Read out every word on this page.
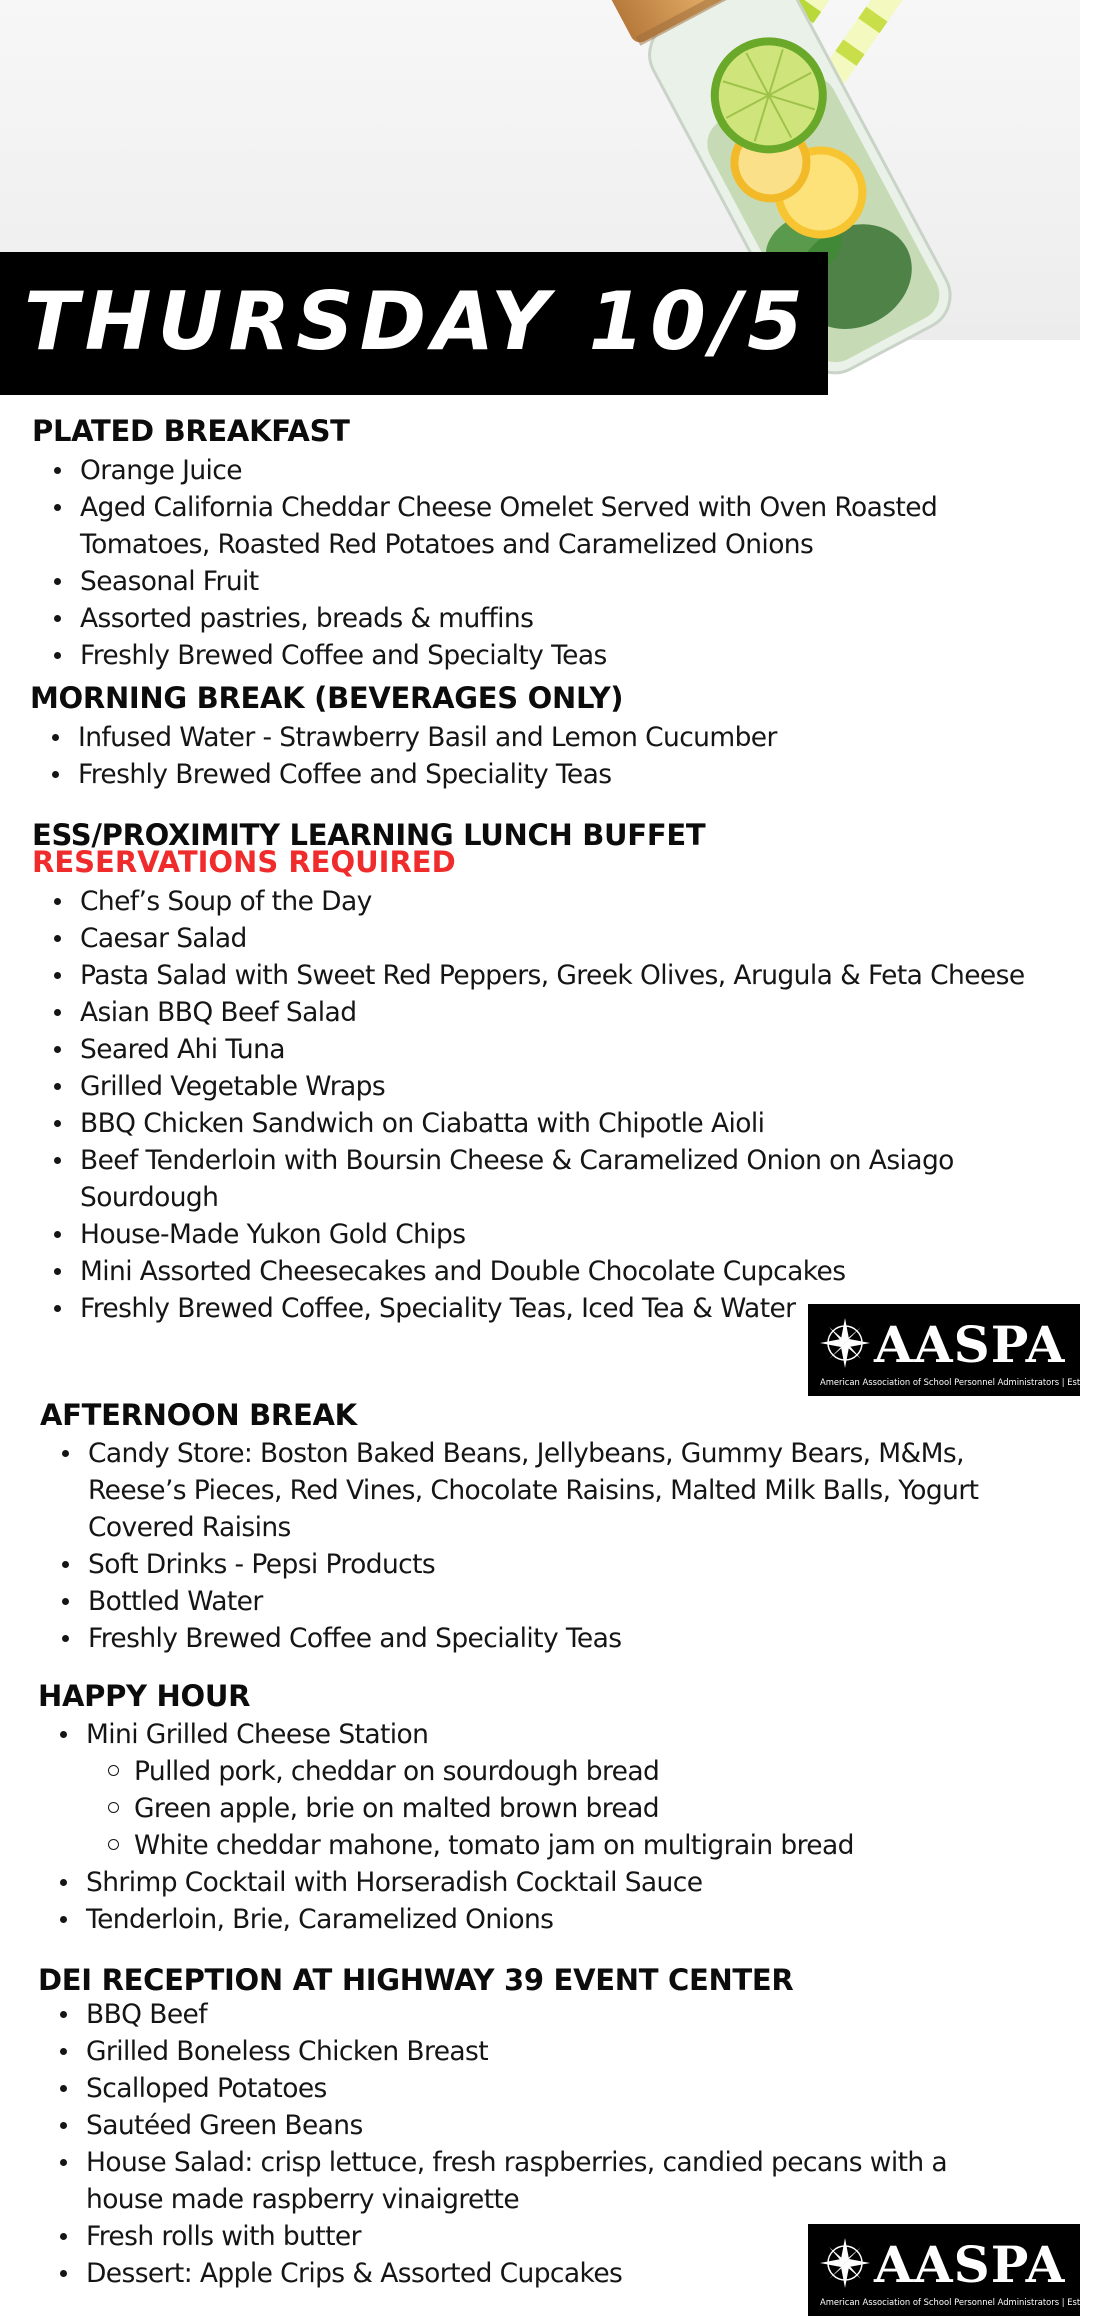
THURSDAY 10/5
PLATED BREAKFAST
Orange Juice
Aged California Cheddar Cheese Omelet Served with Oven Roasted Tomatoes, Roasted Red Potatoes and Caramelized Onions
Seasonal Fruit
Assorted pastries, breads & muffins
Freshly Brewed Coffee and Specialty Teas
MORNING BREAK (BEVERAGES ONLY)
Infused Water - Strawberry Basil and Lemon Cucumber
Freshly Brewed Coffee and Speciality Teas
ESS/PROXIMITY LEARNING LUNCH BUFFET
RESERVATIONS REQUIRED
Chef’s Soup of the Day
Caesar Salad
Pasta Salad with Sweet Red Peppers, Greek Olives, Arugula & Feta Cheese
Asian BBQ Beef Salad
Seared Ahi Tuna
Grilled Vegetable Wraps
BBQ Chicken Sandwich on Ciabatta with Chipotle Aioli
Beef Tenderloin with Boursin Cheese & Caramelized Onion on Asiago Sourdough
House-Made Yukon Gold Chips
Mini Assorted Cheesecakes and Double Chocolate Cupcakes
Freshly Brewed Coffee, Speciality Teas, Iced Tea & Water
AASPA
American Association of School Personnel Administrators | Est. 1938
AFTERNOON BREAK
Candy Store: Boston Baked Beans, Jellybeans, Gummy Bears, M&Ms, Reese’s Pieces, Red Vines, Chocolate Raisins, Malted Milk Balls, Yogurt Covered Raisins
Soft Drinks - Pepsi Products
Bottled Water
Freshly Brewed Coffee and Speciality Teas
HAPPY HOUR
Mini Grilled Cheese Station
Pulled pork, cheddar on sourdough bread
Green apple, brie on malted brown bread
White cheddar mahone, tomato jam on multigrain bread
Shrimp Cocktail with Horseradish Cocktail Sauce
Tenderloin, Brie, Caramelized Onions
DEI RECEPTION AT HIGHWAY 39 EVENT CENTER
BBQ Beef
Grilled Boneless Chicken Breast
Scalloped Potatoes
Sautéed Green Beans
House Salad: crisp lettuce, fresh raspberries, candied pecans with a house made raspberry vinaigrette
Fresh rolls with butter
Dessert: Apple Crips & Assorted Cupcakes	AASPA
American Association of School Personnel Administrators | Est. 1938
